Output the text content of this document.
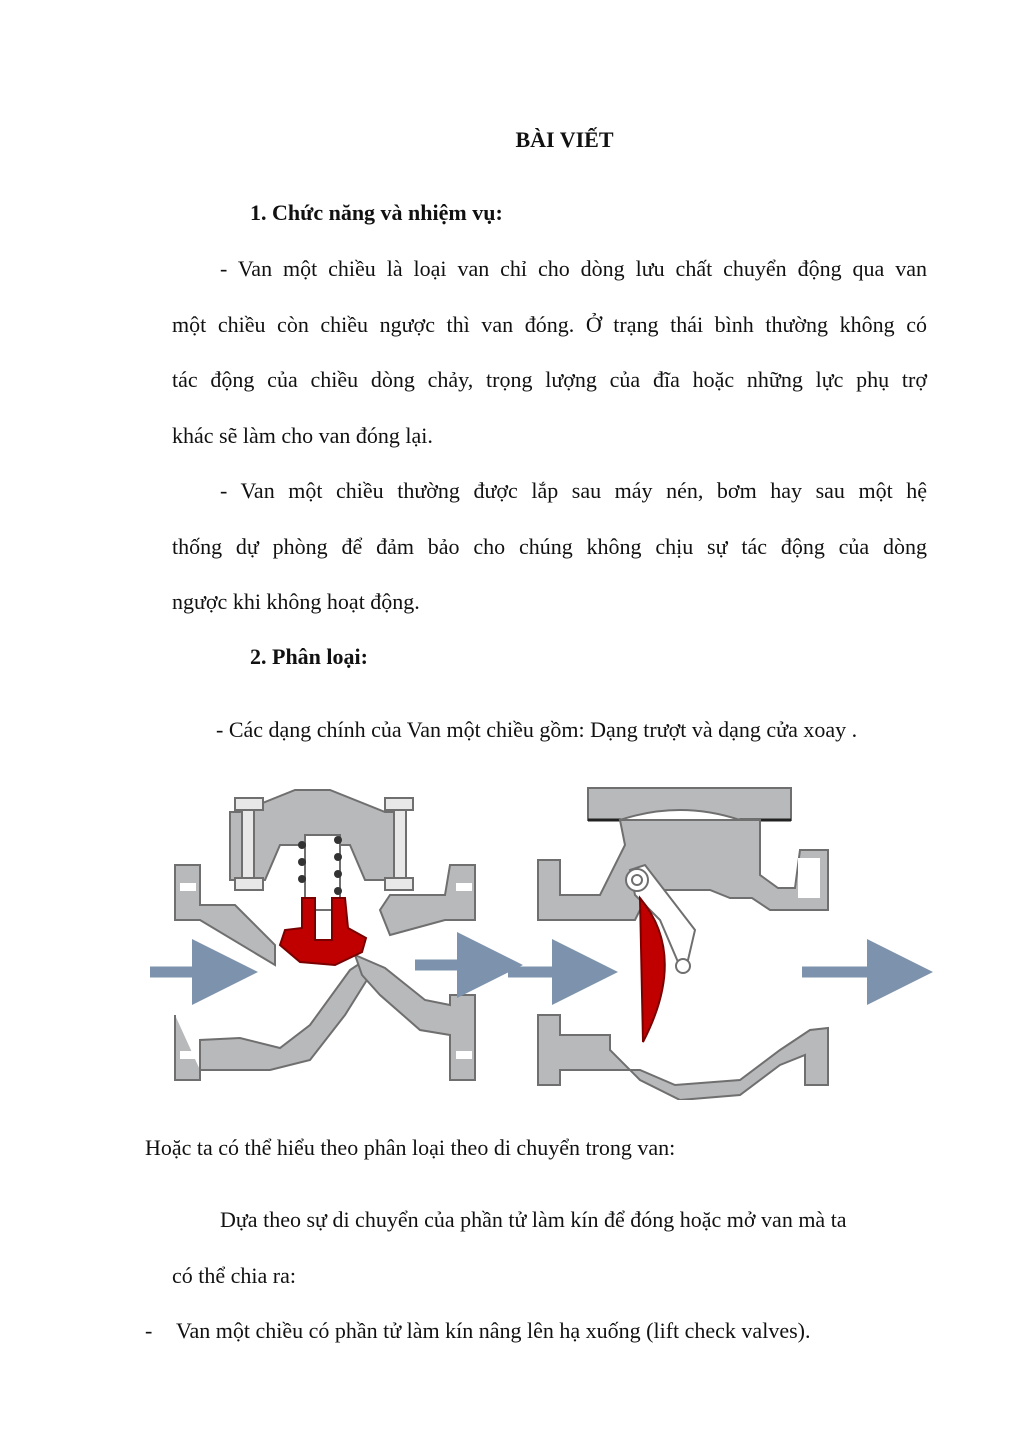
BÀI VIẾT
1. Chức năng và nhiệm vụ:
- Van một chiều là loại van chỉ cho dòng lưu chất chuyển động qua van
một chiều còn chiều ngược thì van đóng. Ở trạng thái bình thường không có
tác động của chiều dòng chảy, trọng lượng của đĩa hoặc những lực phụ trợ
khác sẽ làm cho van đóng lại.
- Van một chiều thường được lắp sau máy nén, bơm hay sau một hệ
thống dự phòng để đảm bảo cho chúng không chịu sự tác động của dòng
ngược khi không hoạt động.
2. Phân loại:
- Các dạng chính của Van một chiều gồm: Dạng trượt và dạng cửa xoay .
Hoặc ta có thể hiểu theo phân loại theo di chuyển trong van:
Dựa theo sự di chuyển của phần tử làm kín để đóng hoặc mở van mà ta
có thể chia ra:
- Van một chiều có phần tử làm kín nâng lên hạ xuống (lift check valves).
